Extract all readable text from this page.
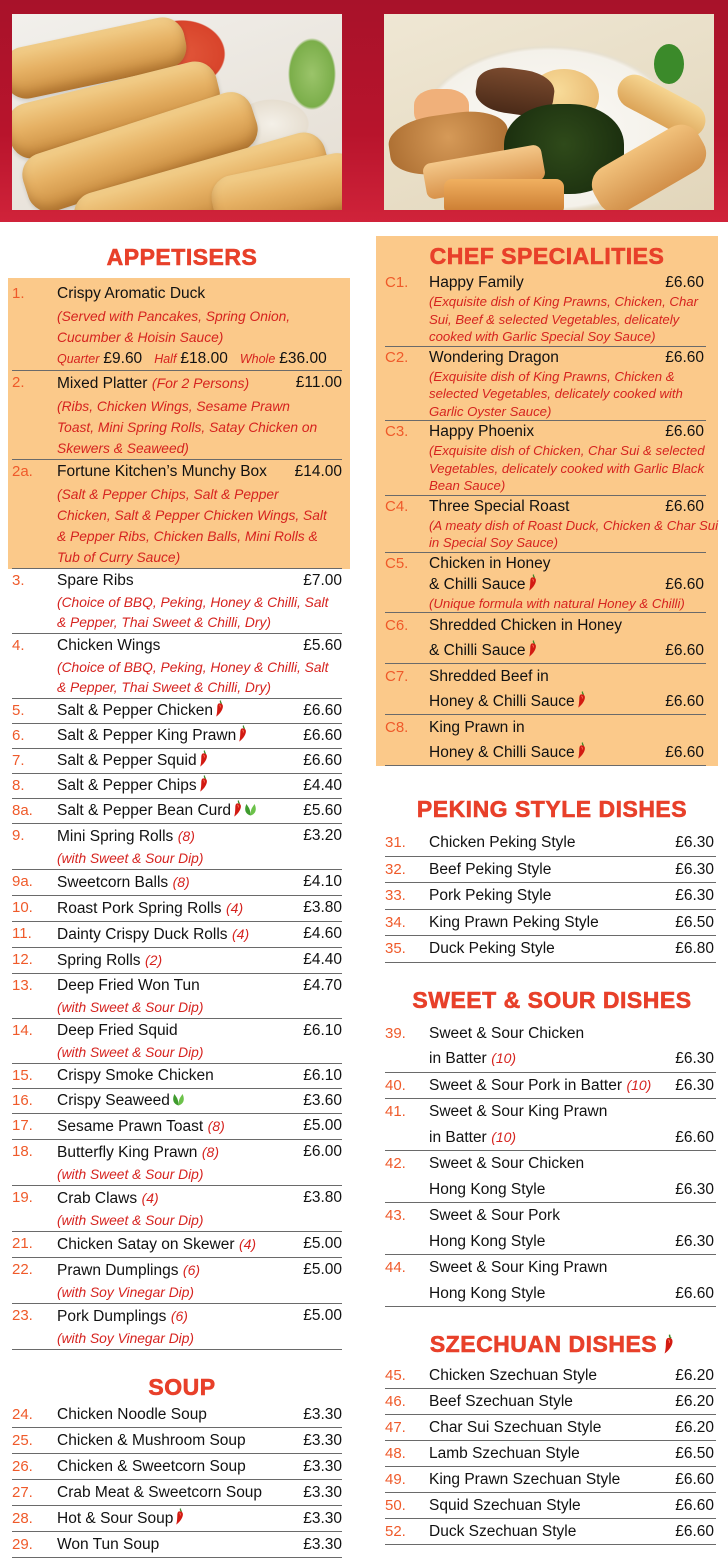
APPETISERS
1. Crispy Aromatic Duck
(Served with Pancakes, Spring Onion, Cucumber & Hoisin Sauce)
Quarter £9.60 Half £18.00 Whole £36.00
2. Mixed Platter (For 2 Persons)	£11.00
(Ribs, Chicken Wings, Sesame Prawn Toast, Mini Spring Rolls, Satay Chicken on Skewers & Seaweed)
2a. Fortune Kitchen’s Munchy Box £14.00
(Salt & Pepper Chips, Salt & Pepper Chicken, Salt & Pepper Chicken Wings, Salt & Pepper Ribs, Chicken Balls, Mini Rolls & Tub of Curry Sauce)
3. Spare Ribs	£7.00
(Choice of BBQ, Peking, Honey & Chilli, Salt & Pepper, Thai Sweet & Chilli, Dry)
4. Chicken Wings	£5.60
(Choice of BBQ, Peking, Honey & Chilli, Salt & Pepper, Thai Sweet & Chilli, Dry)
5. Salt & Pepper Chicken	£6.60
6. Salt & Pepper King Prawn	£6.60
7. Salt & Pepper Squid	£6.60
8. Salt & Pepper Chips	£4.40
8a. Salt & Pepper Bean Curd	£5.60
9. Mini Spring Rolls (8)	£3.20
(with Sweet & Sour Dip)
9a. Sweetcorn Balls (8)	£4.10
10. Roast Pork Spring Rolls (4)	£3.80
11. Dainty Crispy Duck Rolls (4)	£4.60
12. Spring Rolls (2)	£4.40
13. Deep Fried Won Tun	£4.70
(with Sweet & Sour Dip)
14. Deep Fried Squid	£6.10
(with Sweet & Sour Dip)
15. Crispy Smoke Chicken	£6.10
16. Crispy Seaweed	£3.60
17. Sesame Prawn Toast (8)	£5.00
18. Butterfly King Prawn (8)	£6.00
(with Sweet & Sour Dip)
19. Crab Claws (4)	£3.80
(with Sweet & Sour Dip)
21. Chicken Satay on Skewer (4)	£5.00
22. Prawn Dumplings (6)	£5.00
(with Soy Vinegar Dip)
23. Pork Dumplings (6)	£5.00
(with Soy Vinegar Dip)
SOUP
24. Chicken Noodle Soup	£3.30
25. Chicken & Mushroom Soup	£3.30
26. Chicken & Sweetcorn Soup	£3.30
27. Crab Meat & Sweetcorn Soup	£3.30
28. Hot & Sour Soup	£3.30
29. Won Tun Soup	£3.30
CHEF SPECIALITIES
C1. Happy Family	£6.60
(Exquisite dish of King Prawns, Chicken, Char Sui, Beef & selected Vegetables, delicately cooked with Garlic Special Soy Sauce)
C2. Wondering Dragon	£6.60
(Exquisite dish of King Prawns, Chicken & selected Vegetables, delicately cooked with Garlic Oyster Sauce)
C3. Happy Phoenix	£6.60
(Exquisite dish of Chicken, Char Sui & selected Vegetables, delicately cooked with Garlic Black Bean Sauce)
C4. Three Special Roast	£6.60
(A meaty dish of Roast Duck, Chicken & Char Sui in Special Soy Sauce)
C5. Chicken in Honey
& Chilli Sauce	£6.60
(Unique formula with natural Honey & Chilli)
C6. Shredded Chicken in Honey
& Chilli Sauce	£6.60
C7. Shredded Beef in
Honey & Chilli Sauce	£6.60
C8. King Prawn in
Honey & Chilli Sauce	£6.60
PEKING STYLE DISHES
31. Chicken Peking Style	£6.30
32. Beef Peking Style	£6.30
33. Pork Peking Style	£6.30
34. King Prawn Peking Style	£6.50
35. Duck Peking Style	£6.80
SWEET & SOUR DISHES
39. Sweet & Sour Chicken
in Batter (10)	£6.30
40. Sweet & Sour Pork in Batter (10) £6.30
41. Sweet & Sour King Prawn
in Batter (10)	£6.60
42. Sweet & Sour Chicken
Hong Kong Style	£6.30
43. Sweet & Sour Pork
Hong Kong Style	£6.30
44. Sweet & Sour King Prawn
Hong Kong Style	£6.60
SZECHUAN DISHES
45. Chicken Szechuan Style	£6.20
46. Beef Szechuan Style	£6.20
47. Char Sui Szechuan Style	£6.20
48. Lamb Szechuan Style	£6.50
49. King Prawn Szechuan Style	£6.60
50. Squid Szechuan Style	£6.60
52. Duck Szechuan Style	£6.60
